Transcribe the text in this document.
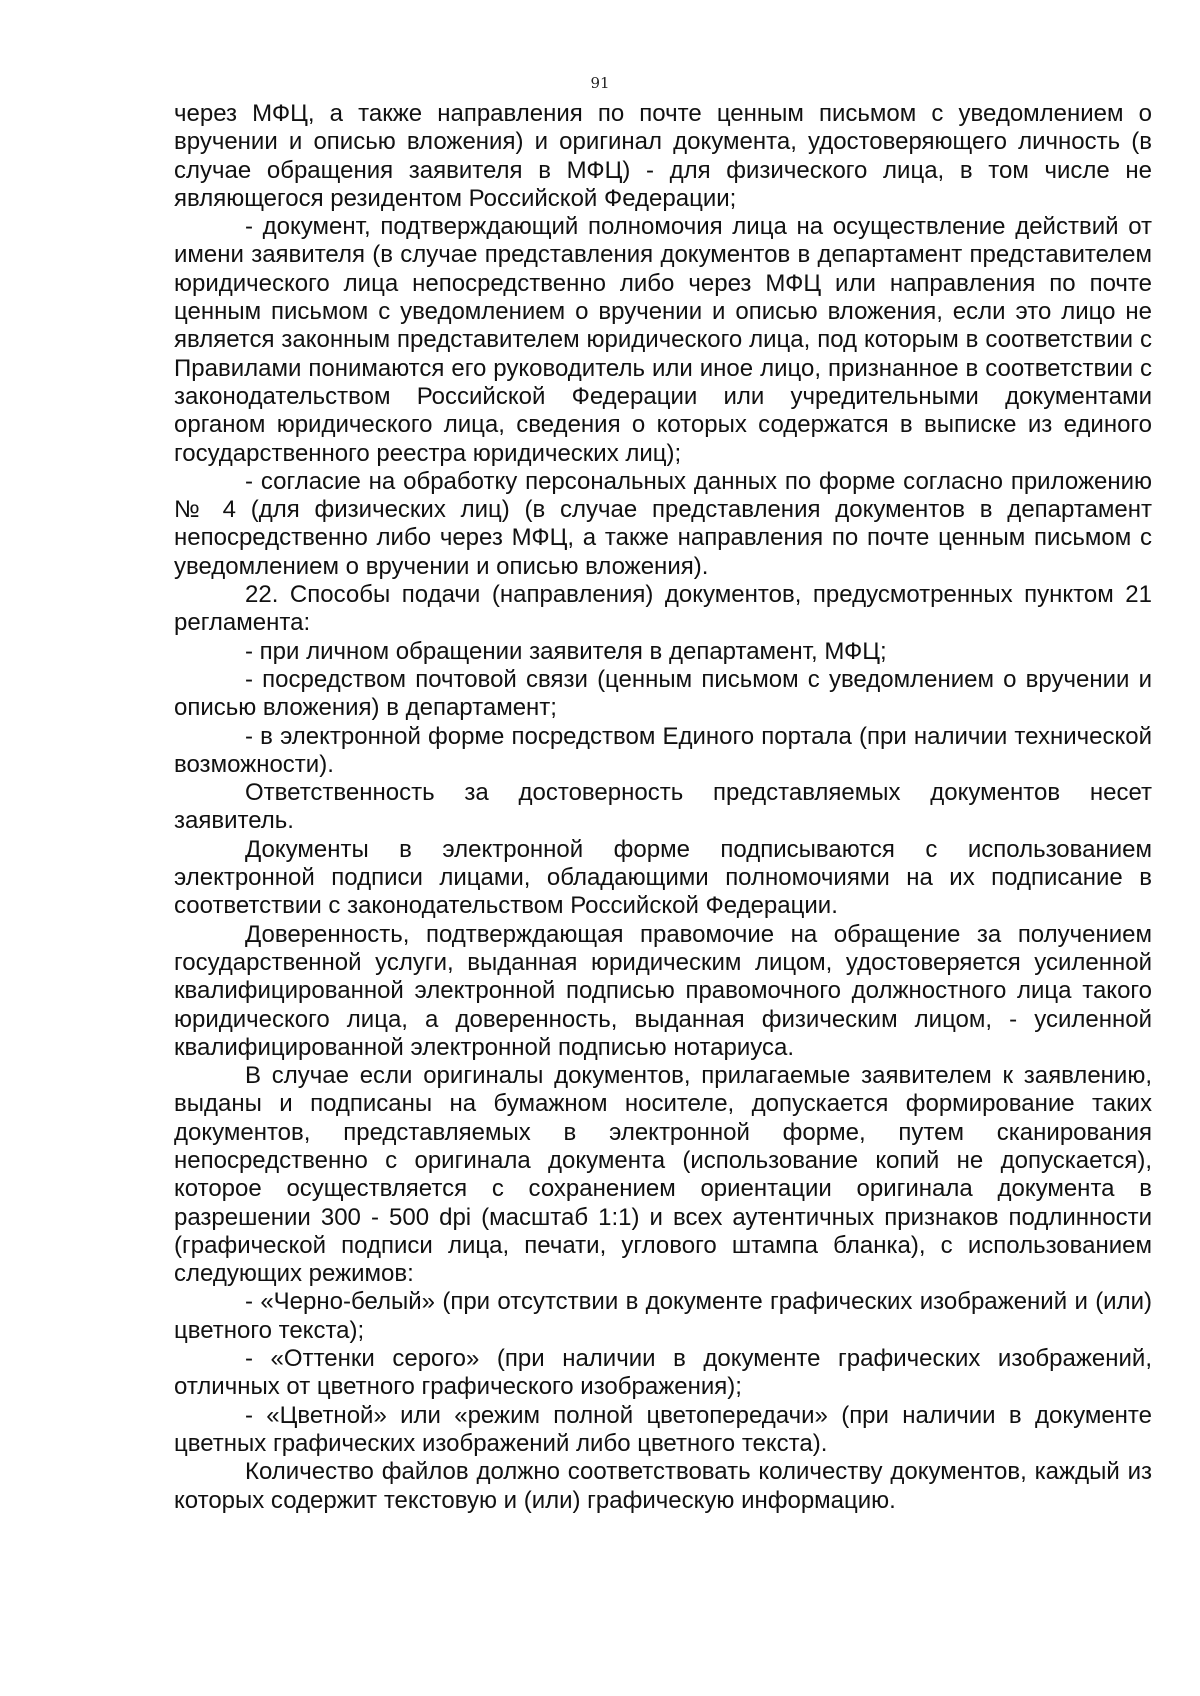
91

через МФЦ, а также направления по почте ценным письмом с уведомлением о вручении и описью вложения) и оригинал документа, удостоверяющего личность (в случае обращения заявителя в МФЦ) - для физического лица, в том числе не являющегося резидентом Российской Федерации;

- документ, подтверждающий полномочия лица на осуществление действий от имени заявителя (в случае представления документов в департамент представителем юридического лица непосредственно либо через МФЦ или направления по почте ценным письмом с уведомлением о вручении и описью вложения, если это лицо не является законным представителем юридического лица, под которым в соответствии с Правилами понимаются его руководитель или иное лицо, признанное в соответствии с законодательством Российской Федерации или учредительными документами органом юридического лица, сведения о которых содержатся в выписке из единого государственного реестра юридических лиц);

- согласие на обработку персональных данных по форме согласно приложению № 4 (для физических лиц) (в случае представления документов в департамент непосредственно либо через МФЦ, а также направления по почте ценным письмом с уведомлением о вручении и описью вложения).

22. Способы подачи (направления) документов, предусмотренных пунктом 21 регламента:

- при личном обращении заявителя в департамент, МФЦ;

- посредством почтовой связи (ценным письмом с уведомлением о вручении и описью вложения) в департамент;

- в электронной форме посредством Единого портала (при наличии технической возможности).

Ответственность за достоверность представляемых документов несет заявитель.

Документы в электронной форме подписываются с использованием электронной подписи лицами, обладающими полномочиями на их подписание в соответствии с законодательством Российской Федерации.

Доверенность, подтверждающая правомочие на обращение за получением государственной услуги, выданная юридическим лицом, удостоверяется усиленной квалифицированной электронной подписью правомочного должностного лица такого юридического лица, а доверенность, выданная физическим лицом, - усиленной квалифицированной электронной подписью нотариуса.

В случае если оригиналы документов, прилагаемые заявителем к заявлению, выданы и подписаны на бумажном носителе, допускается формирование таких документов, представляемых в электронной форме, путем сканирования непосредственно с оригинала документа (использование копий не допускается), которое осуществляется с сохранением ориентации оригинала документа в разрешении 300 - 500 dpi (масштаб 1:1) и всех аутентичных признаков подлинности (графической подписи лица, печати, углового штампа бланка), с использованием следующих режимов:

- «Черно-белый» (при отсутствии в документе графических изображений и (или) цветного текста);

- «Оттенки серого» (при наличии в документе графических изображений, отличных от цветного графического изображения);

- «Цветной» или «режим полной цветопередачи» (при наличии в документе цветных графических изображений либо цветного текста).

Количество файлов должно соответствовать количеству документов, каждый из которых содержит текстовую и (или) графическую информацию.
